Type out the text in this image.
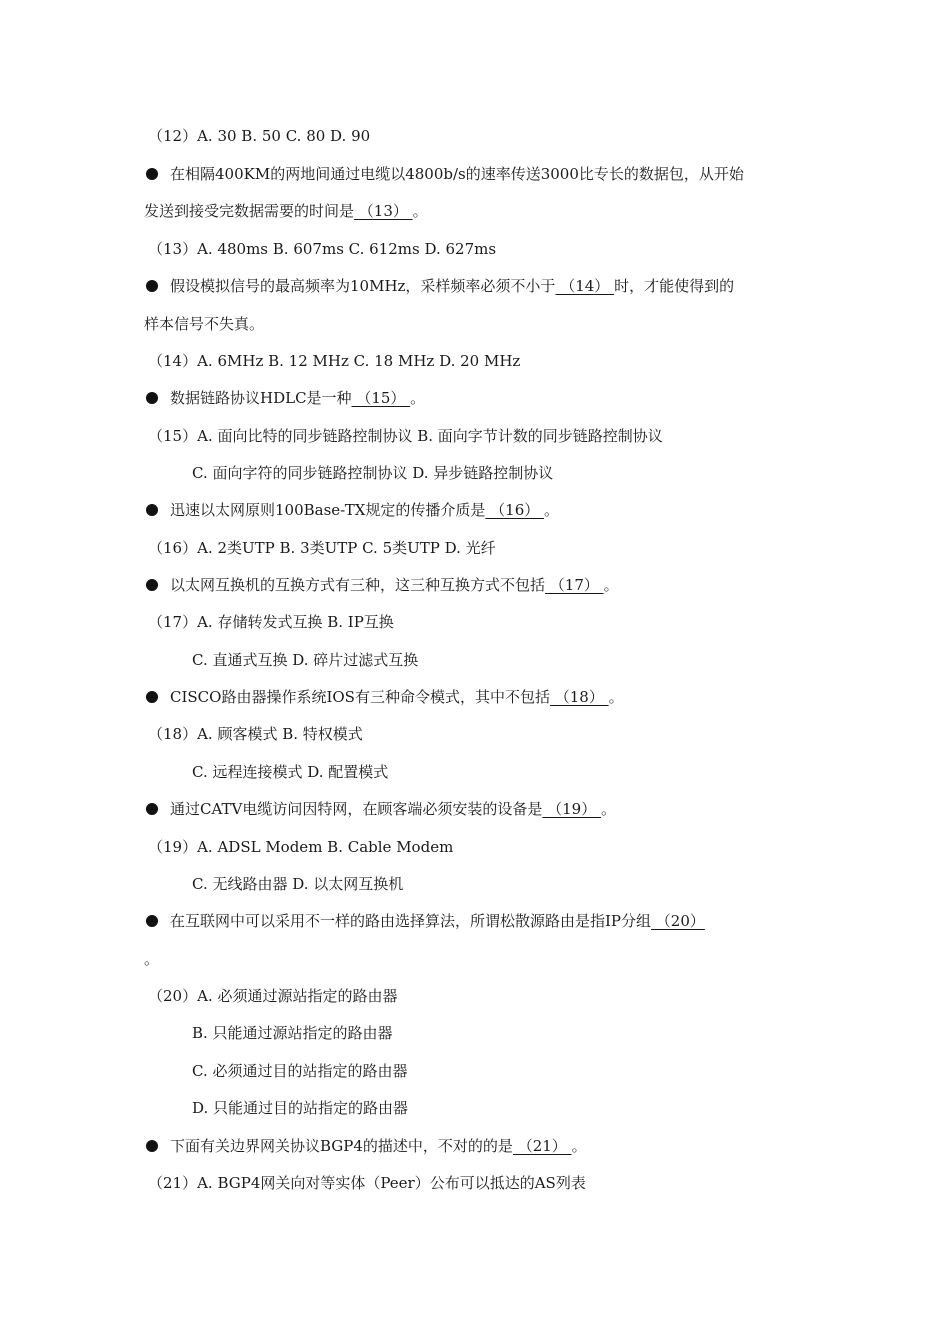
（12）A. 30 B. 50 C. 80 D. 90
在相隔400KM的两地间通过电缆以4800b/s的速率传送3000比专长的数据包，从开始
发送到接受完数据需要的时间是 （13） 。
（13）A. 480ms B. 607ms C. 612ms D. 627ms
假设模拟信号的最高频率为10MHz，采样频率必须不小于 （14） 时，才能使得到的
样本信号不失真。
（14）A. 6MHz B. 12 MHz C. 18 MHz D. 20 MHz
数据链路协议HDLC是一种 （15） 。
（15）A. 面向比特的同步链路控制协议 B. 面向字节计数的同步链路控制协议
C. 面向字符的同步链路控制协议 D. 异步链路控制协议
迅速以太网原则100Base-TX规定的传播介质是 （16） 。
（16）A. 2类UTP B. 3类UTP C. 5类UTP D. 光纤
以太网互换机的互换方式有三种，这三种互换方式不包括 （17） 。
（17）A. 存储转发式互换 B. IP互换
C. 直通式互换 D. 碎片过滤式互换
CISCO路由器操作系统IOS有三种命令模式，其中不包括 （18） 。
（18）A. 顾客模式 B. 特权模式
C. 远程连接模式 D. 配置模式
通过CATV电缆访问因特网，在顾客端必须安装的设备是 （19） 。
（19）A. ADSL Modem B. Cable Modem
C. 无线路由器 D. 以太网互换机
在互联网中可以采用不一样的路由选择算法，所谓松散源路由是指IP分组 （20）
。
（20）A. 必须通过源站指定的路由器
B. 只能通过源站指定的路由器
C. 必须通过目的站指定的路由器
D. 只能通过目的站指定的路由器
下面有关边界网关协议BGP4的描述中，不对的的是 （21） 。
（21）A. BGP4网关向对等实体（Peer）公布可以抵达的AS列表
